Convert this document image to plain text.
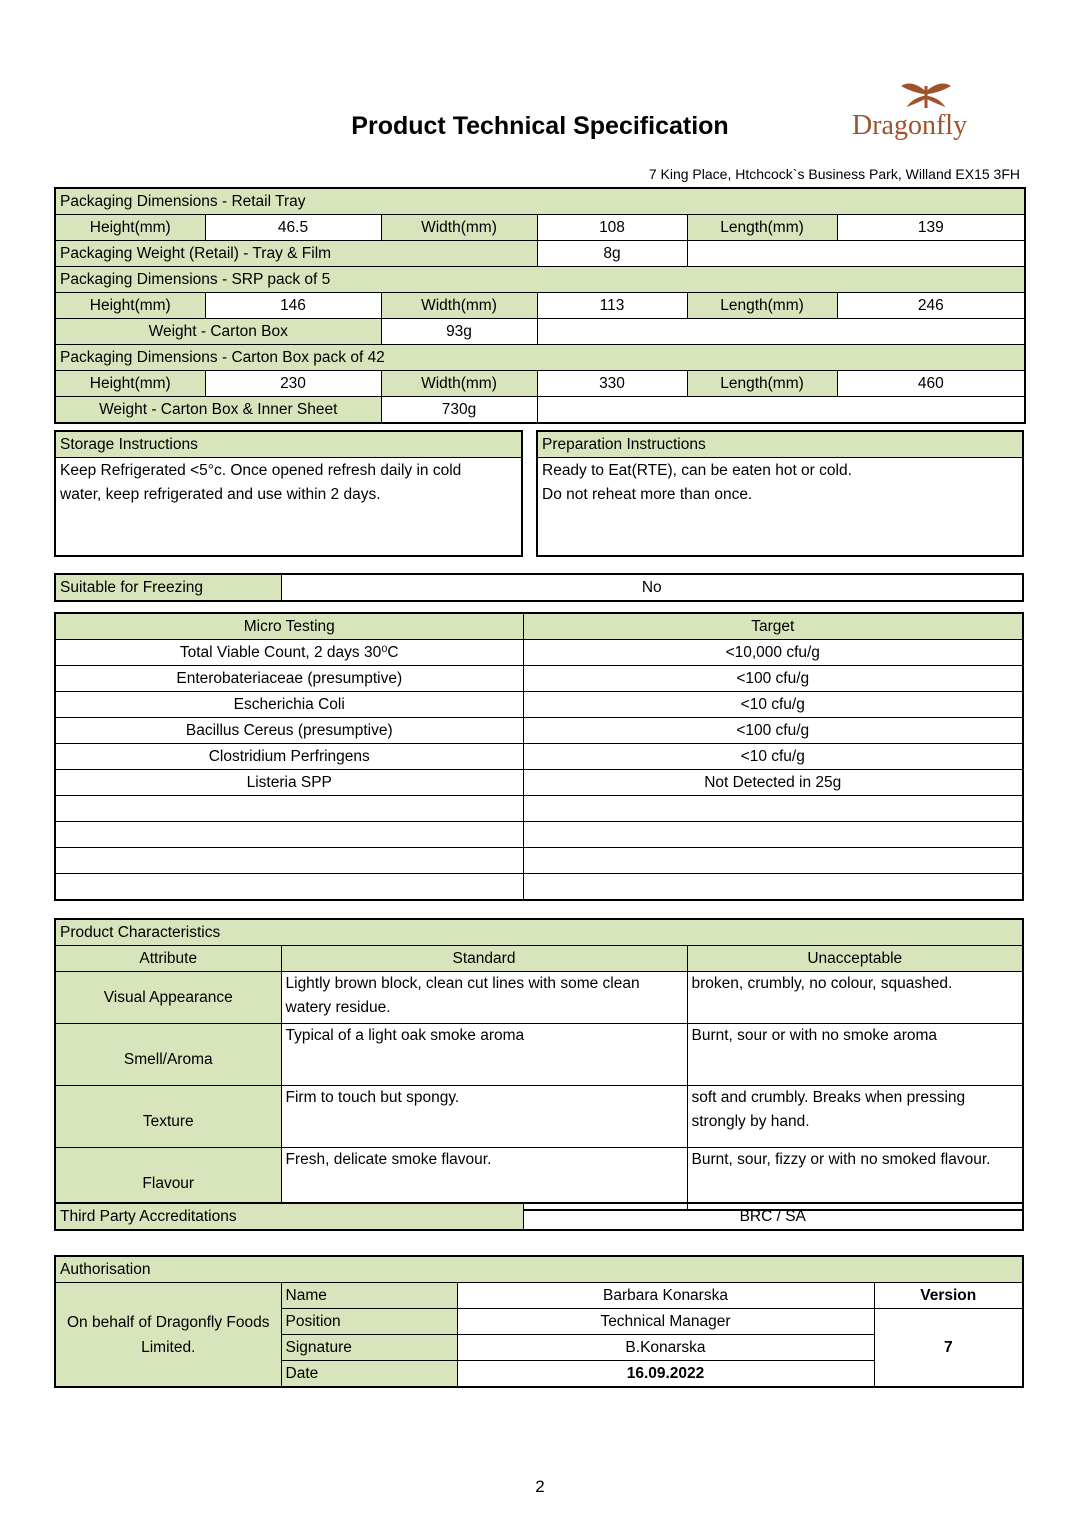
Product Technical Specification	Dragonfly
7 King Place, Htchcock`s Business Park, Willand EX15 3FH
Packaging Dimensions - Retail Tray					
Height(mm)	46.5	Width(mm)	108	Length(mm)	139
Packaging Weight (Retail) - Tray & Film			8g		
Packaging Dimensions - SRP pack of 5					
Height(mm)	146	Width(mm)	113	Length(mm)	246
Weight - Carton Box		93g			
Packaging Dimensions - Carton Box pack of 42					
Height(mm)	230	Width(mm)	330	Length(mm)	460
Weight - Carton Box & Inner Sheet		730g			
Storage Instructions

Keep Refrigerated <5°c. Once opened refresh daily in cold
water, keep refrigerated and use within 2 days.
Preparation Instructions

Ready to Eat(RTE), can be eaten hot or cold.
Do not reheat more than once.
Suitable for Freezing	No
Micro Testing	Target
Total Viable Count, 2 days 30⁰C	<10,000 cfu/g
Enterobateriaceae (presumptive)	<100 cfu/g
Escherichia Coli	<10 cfu/g
Bacillus Cereus (presumptive)	<100 cfu/g
Clostridium Perfringens	<10 cfu/g
Listeria SPP	Not Detected in 25g

Product Characteristics		
Attribute	Standard	Unacceptable
Visual Appearance	Lightly brown block, clean cut lines with some clean watery residue.	broken, crumbly, no colour, squashed.
Smell/Aroma	Typical of a light oak smoke aroma	Burnt, sour or with no smoke aroma
Texture	Firm to touch but spongy.	soft and crumbly. Breaks when pressing strongly by hand.
Flavour	Fresh, delicate smoke flavour.	Burnt, sour, fizzy or with no smoked flavour.
Third Party Accreditations	BRC / SA
Authorisation			
On behalf of Dragonfly Foods Limited.	Name	Barbara Konarska	Version
	Position	Technical Manager	7
	Signature	B.Konarska	
	Date	16.09.2022	
2
